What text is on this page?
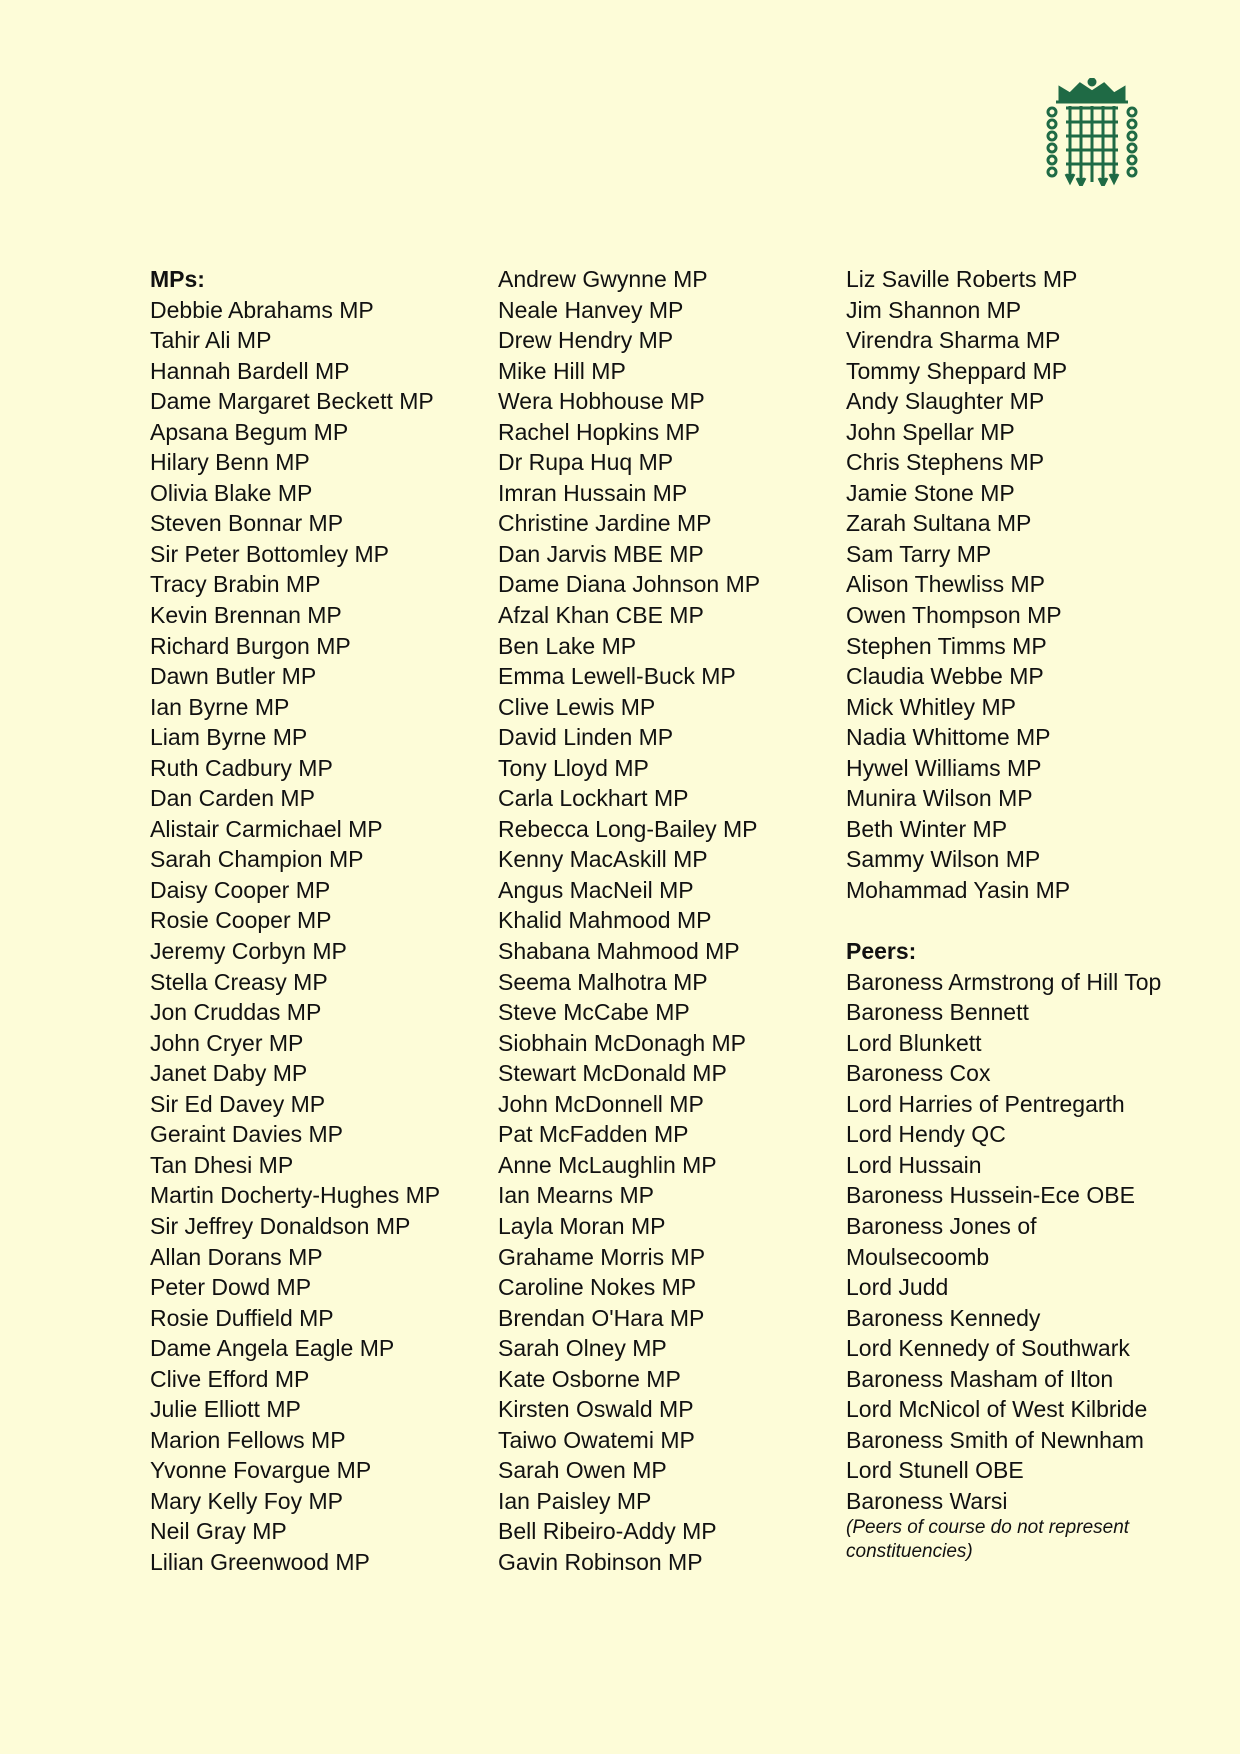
MPs:
Debbie Abrahams MP
Tahir Ali MP
Hannah Bardell MP
Dame Margaret Beckett MP
Apsana Begum MP
Hilary Benn MP
Olivia Blake MP
Steven Bonnar MP
Sir Peter Bottomley MP
Tracy Brabin MP
Kevin Brennan MP
Richard Burgon MP
Dawn Butler MP
Ian Byrne MP
Liam Byrne MP
Ruth Cadbury MP
Dan Carden MP
Alistair Carmichael MP
Sarah Champion MP
Daisy Cooper MP
Rosie Cooper MP
Jeremy Corbyn MP
Stella Creasy MP
Jon Cruddas MP
John Cryer MP
Janet Daby MP
Sir Ed Davey MP
Geraint Davies MP
Tan Dhesi MP
Martin Docherty-Hughes MP
Sir Jeffrey Donaldson MP
Allan Dorans MP
Peter Dowd MP
Rosie Duffield MP
Dame Angela Eagle MP
Clive Efford MP
Julie Elliott MP
Marion Fellows MP
Yvonne Fovargue MP
Mary Kelly Foy MP
Neil Gray MP
Lilian Greenwood MP
Andrew Gwynne MP
Neale Hanvey MP
Drew Hendry MP
Mike Hill MP
Wera Hobhouse MP
Rachel Hopkins MP
Dr Rupa Huq MP
Imran Hussain MP
Christine Jardine MP
Dan Jarvis MBE MP
Dame Diana Johnson MP
Afzal Khan CBE MP
Ben Lake MP
Emma Lewell-Buck MP
Clive Lewis MP
David Linden MP
Tony Lloyd MP
Carla Lockhart MP
Rebecca Long-Bailey MP
Kenny MacAskill MP
Angus MacNeil MP
Khalid Mahmood MP
Shabana Mahmood MP
Seema Malhotra MP
Steve McCabe MP
Siobhain McDonagh MP
Stewart McDonald MP
John McDonnell MP
Pat McFadden MP
Anne McLaughlin MP
Ian Mearns MP
Layla Moran MP
Grahame Morris MP
Caroline Nokes MP
Brendan O'Hara MP
Sarah Olney MP
Kate Osborne MP
Kirsten Oswald MP
Taiwo Owatemi MP
Sarah Owen MP
Ian Paisley MP
Bell Ribeiro-Addy MP
Gavin Robinson MP
Liz Saville Roberts MP
Jim Shannon MP
Virendra Sharma MP
Tommy Sheppard MP
Andy Slaughter MP
John Spellar MP
Chris Stephens MP
Jamie Stone MP
Zarah Sultana MP
Sam Tarry MP
Alison Thewliss MP
Owen Thompson MP
Stephen Timms MP
Claudia Webbe MP
Mick Whitley MP
Nadia Whittome MP
Hywel Williams MP
Munira Wilson MP
Beth Winter MP
Sammy Wilson MP
Mohammad Yasin MP
Peers:
Baroness Armstrong of Hill Top
Baroness Bennett
Lord Blunkett
Baroness Cox
Lord Harries of Pentregarth
Lord Hendy QC
Lord Hussain
Baroness Hussein-Ece OBE
Baroness Jones of Moulsecoomb
Lord Judd
Baroness Kennedy
Lord Kennedy of Southwark
Baroness Masham of Ilton
Lord McNicol of West Kilbride
Baroness Smith of Newnham
Lord Stunell OBE
Baroness Warsi
(Peers of course do not represent constituencies)
